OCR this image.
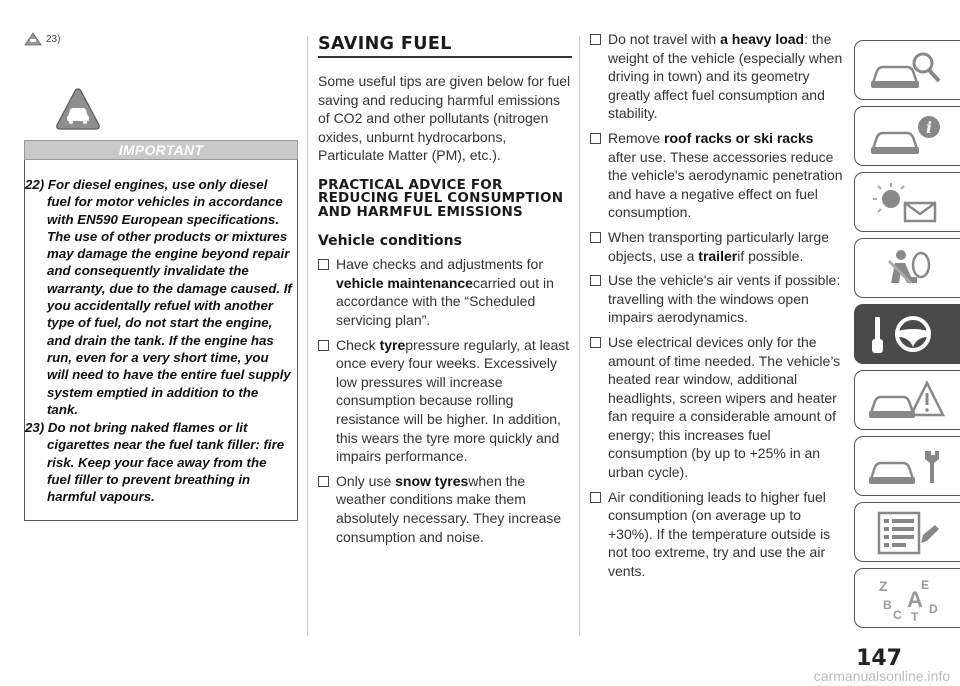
23)
IMPORTANT

22) For diesel engines, use only diesel fuel for motor vehicles in accordance with EN590 European specifications. The use of other products or mixtures may damage the engine beyond repair and consequently invalidate the warranty, due to the damage caused. If you accidentally refuel with another type of fuel, do not start the engine, and drain the tank. If the engine has run, even for a very short time, you will need to have the entire fuel supply system emptied in addition to the tank.

23) Do not bring naked flames or lit cigarettes near the fuel tank filler: fire risk. Keep your face away from the fuel filler to prevent breathing in harmful vapours.

SAVING FUEL

Some useful tips are given below for fuel saving and reducing harmful emissions of CO2 and other pollutants (nitrogen oxides, unburnt hydrocarbons, Particulate Matter (PM), etc.).

PRACTICAL ADVICE FOR REDUCING FUEL CONSUMPTION AND HARMFUL EMISSIONS
Vehicle conditions
Have checks and adjustments for vehicle maintenancecarried out in accordance with the “Scheduled servicing plan”.
Check tyrepressure regularly, at least once every four weeks. Excessively low pressures will increase consumption because rolling resistance will be higher. In addition, this wears the tyre more quickly and impairs performance.
Only use snow tyreswhen the weather conditions make them absolutely necessary. They increase consumption and noise.
Do not travel with a heavy load: the weight of the vehicle (especially when driving in town) and its geometry greatly affect fuel consumption and stability.
Remove roof racks or ski racks after use. These accessories reduce the vehicle's aerodynamic penetration and have a negative effect on fuel consumption.
When transporting particularly large objects, use a trailerif possible.
Use the vehicle's air vents if possible: travelling with the windows open impairs aerodynamics.
Use electrical devices only for the amount of time needed. The vehicle’s heated rear window, additional headlights, screen wipers and heater fan require a considerable amount of energy; this increases fuel consumption (by up to +25% in an urban cycle).
Air conditioning leads to higher fuel consumption (on average up to +30%). If the temperature outside is not too extreme, try and use the air vents.
i
Z	E
B A D
C T
147
carmanualsonline.info
